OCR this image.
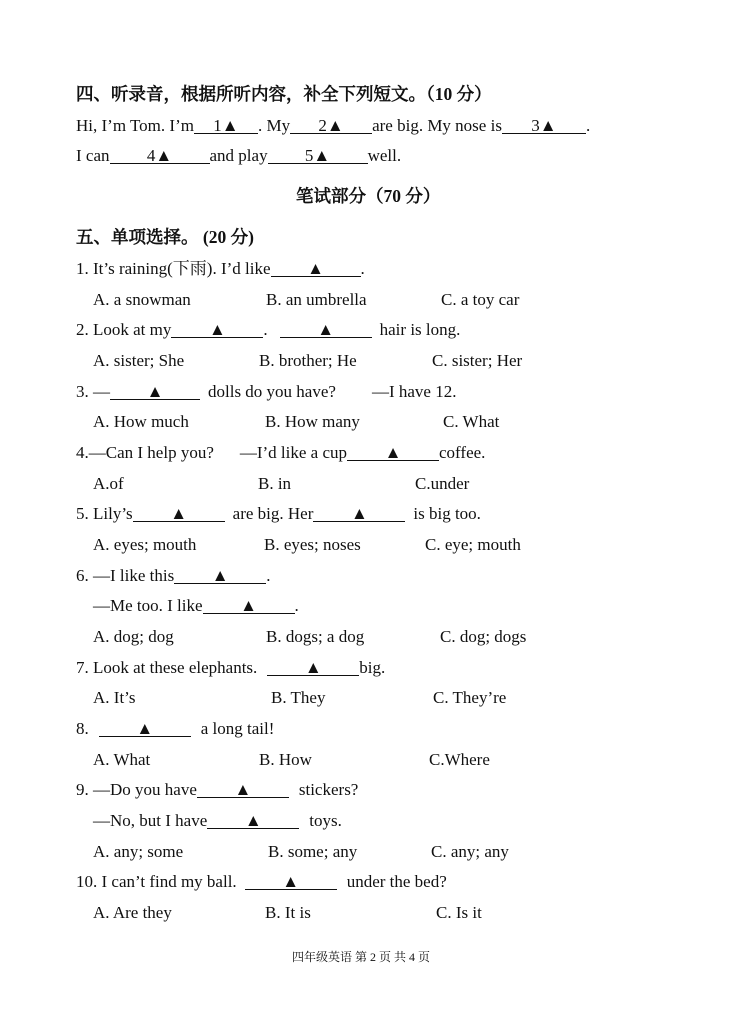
四、听录音，根据所听内容，补全下列短文。（10 分）
Hi, I’m Tom. I’m 1▲ . My 2▲ are big. My nose is 3▲ .
I can 4▲ and play 5▲ well.
笔试部分（70 分）
五、单项选择。 (20 分)
1. It’s raining(下雨). I’d like ▲ .
A. a snowman	B. an umbrella	C. a toy car
2. Look at my ▲ .	▲	hair is long.
A. sister; She	B. brother; He	C. sister; Her
3. — ▲	dolls do you have? —I have 12.
A. How much	B. How many	C. What
4.—Can I help you? —I’d like a cup ▲ coffee.
A.of	B. in	C.under
5. Lily’s ▲	are big. Her ▲	is big too.
A. eyes; mouth	B. eyes; noses	C. eye; mouth
6. —I like this ▲ .
—Me too. I like ▲ .
A. dog; dog	B. dogs; a dog	C. dog; dogs
7. Look at these elephants.	▲ big.
A. It’s	B. They	C. They’re
8.	▲	a long tail!
A. What	B. How	C.Where
9. —Do you have ▲	stickers?
—No, but I have ▲	toys.
A. any; some	B. some; any	C. any; any
10. I can’t find my ball.	▲	under the bed?
A. Are they	B. It is	C. Is it
四年级英语 第 2 页 共 4 页
